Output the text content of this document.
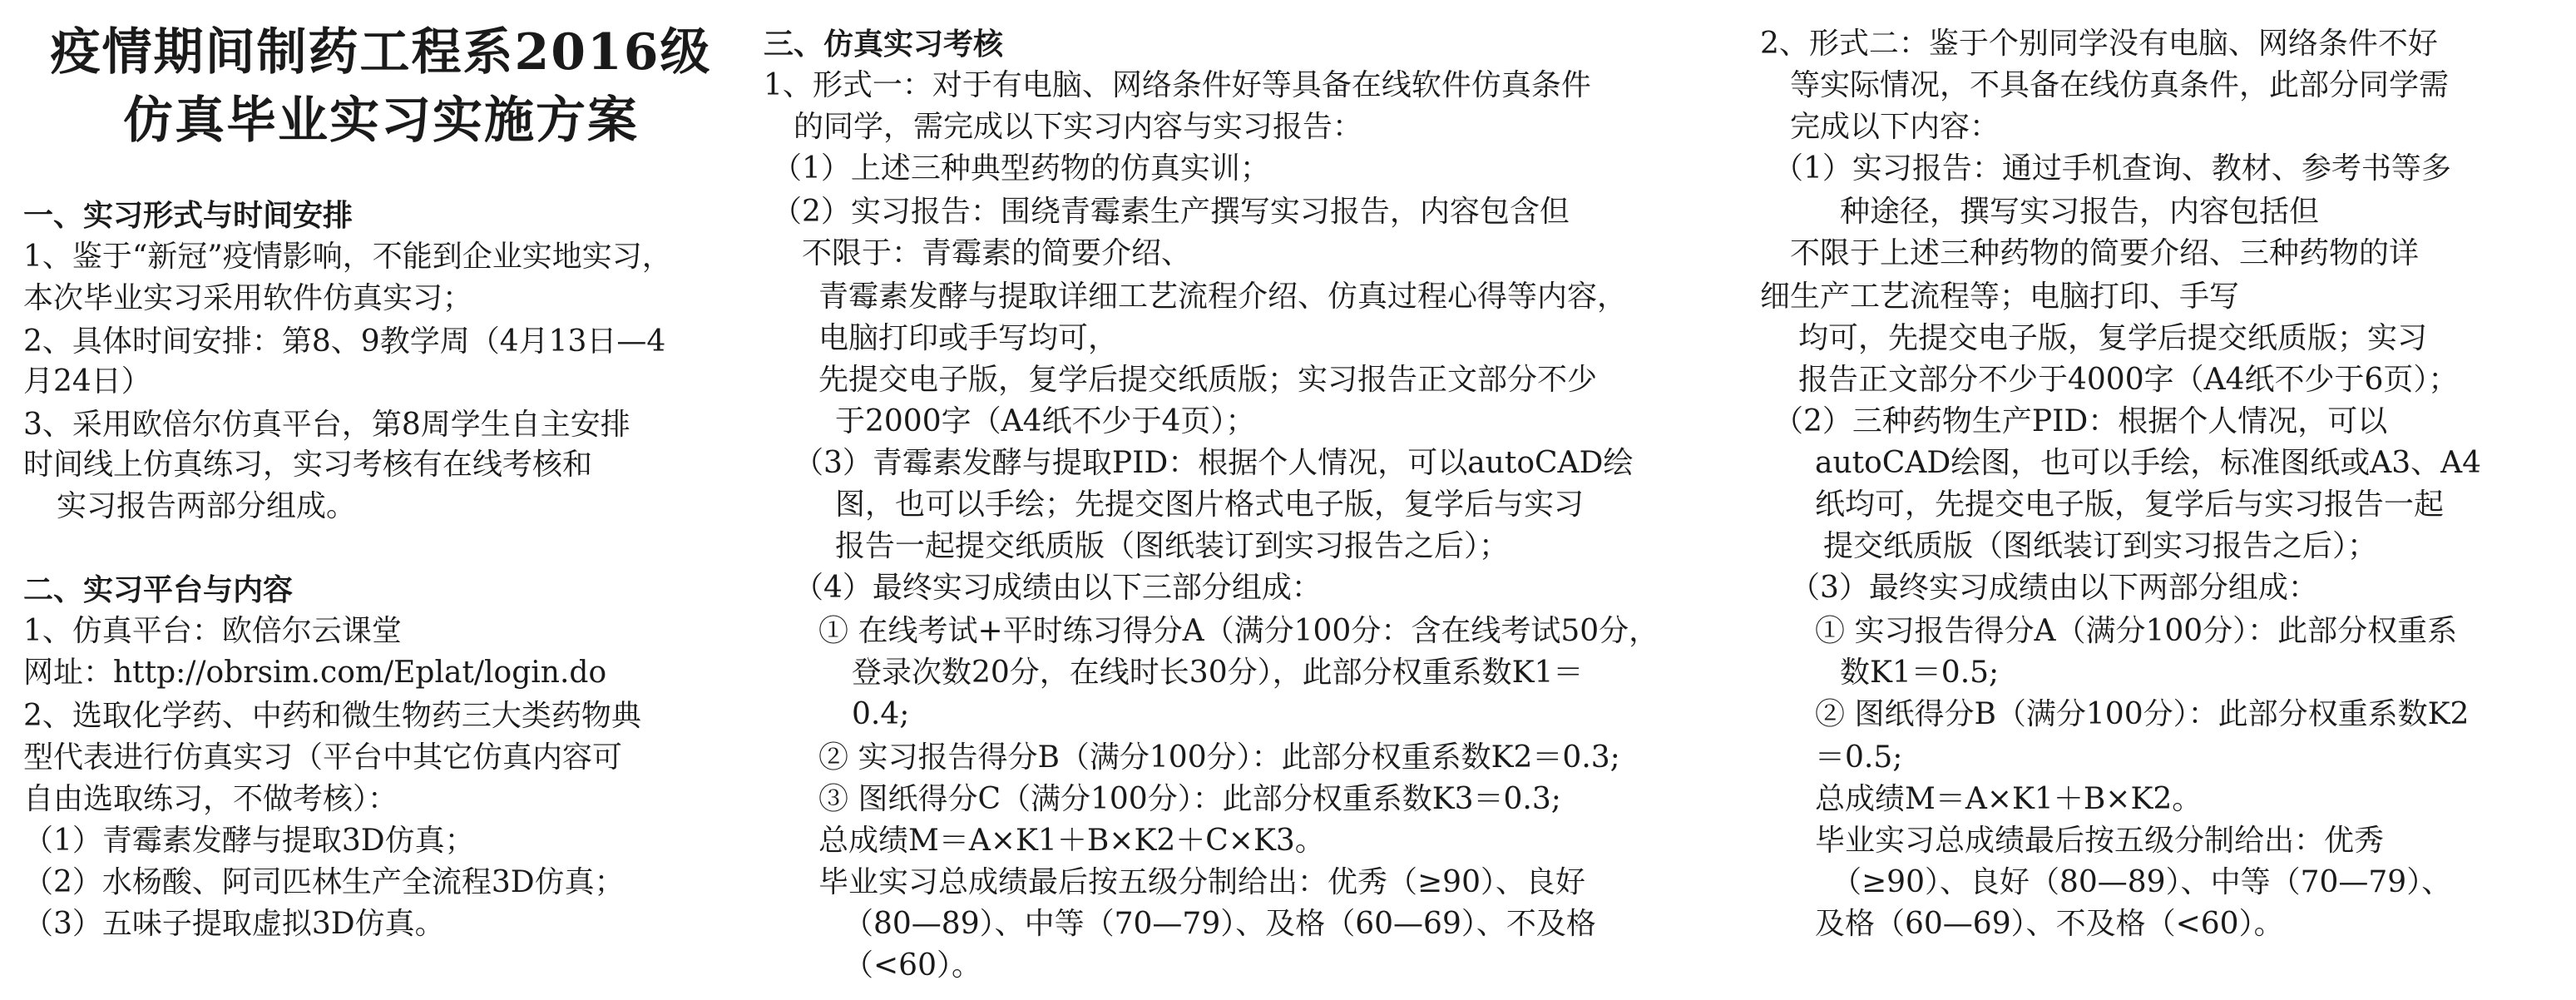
疫情期间制药工程系2016级
仿真毕业实习实施方案
一、实习形式与时间安排
1、鉴于“新冠”疫情影响，不能到企业实地实习，
本次毕业实习采用软件仿真实习；
2、具体时间安排：第8、9教学周（4月13日—4
月24日）
3、采用欧倍尔仿真平台，第8周学生自主安排
时间线上仿真练习，实习考核有在线考核和
实习报告两部分组成。
二、实习平台与内容
1、仿真平台：欧倍尔云课堂
网址：http://obrsim.com/Eplat/login.do
2、选取化学药、中药和微生物药三大类药物典
型代表进行仿真实习（平台中其它仿真内容可
自由选取练习，不做考核）：
（1）青霉素发酵与提取3D仿真；
（2）水杨酸、阿司匹林生产全流程3D仿真；
（3）五味子提取虚拟3D仿真。
三、仿真实习考核
1、形式一：对于有电脑、网络条件好等具备在线软件仿真条件
的同学，需完成以下实习内容与实习报告：
（1）上述三种典型药物的仿真实训；
（2）实习报告：围绕青霉素生产撰写实习报告，内容包含但
不限于：青霉素的简要介绍、
青霉素发酵与提取详细工艺流程介绍、仿真过程心得等内容，
电脑打印或手写均可，
先提交电子版，复学后提交纸质版；实习报告正文部分不少
于2000字（A4纸不少于4页）；
（3）青霉素发酵与提取PID：根据个人情况，可以autoCAD绘
图，也可以手绘；先提交图片格式电子版，复学后与实习
报告一起提交纸质版（图纸装订到实习报告之后）；
（4）最终实习成绩由以下三部分组成：
① 在线考试+平时练习得分A（满分100分：含在线考试50分，
登录次数20分，在线时长30分），此部分权重系数K1＝
0.4;
② 实习报告得分B（满分100分）：此部分权重系数K2＝0.3;
③ 图纸得分C（满分100分）：此部分权重系数K3＝0.3;
总成绩M＝A×K1＋B×K2＋C×K3。
毕业实习总成绩最后按五级分制给出：优秀（≥90）、良好
（80—89）、中等（70—79）、及格（60—69）、不及格
（<60）。
2、形式二：鉴于个别同学没有电脑、网络条件不好
等实际情况，不具备在线仿真条件，此部分同学需
完成以下内容：
（1）实习报告：通过手机查询、教材、参考书等多
种途径，撰写实习报告，内容包括但
不限于上述三种药物的简要介绍、三种药物的详
细生产工艺流程等；电脑打印、手写
均可，先提交电子版，复学后提交纸质版；实习
报告正文部分不少于4000字（A4纸不少于6页）；
（2）三种药物生产PID：根据个人情况，可以
autoCAD绘图，也可以手绘，标准图纸或A3、A4
纸均可，先提交电子版，复学后与实习报告一起
提交纸质版（图纸装订到实习报告之后）；
（3）最终实习成绩由以下两部分组成：
① 实习报告得分A（满分100分）：此部分权重系
数K1＝0.5;
② 图纸得分B（满分100分）：此部分权重系数K2
＝0.5;
总成绩M＝A×K1＋B×K2。
毕业实习总成绩最后按五级分制给出：优秀
（≥90）、良好（80—89）、中等（70—79）、
及格（60—69）、不及格（<60）。
